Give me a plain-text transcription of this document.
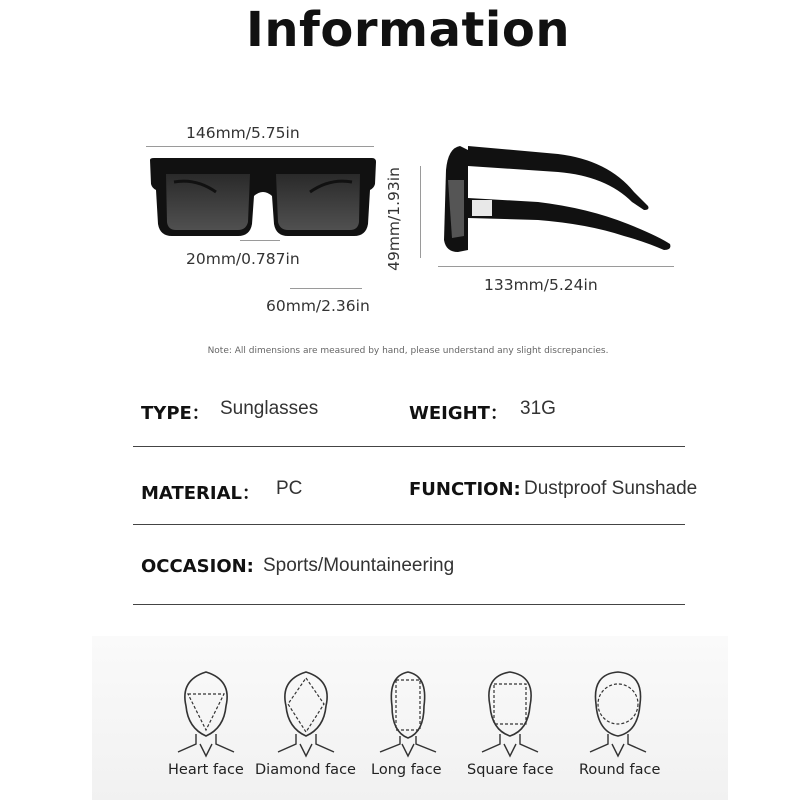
Information
146mm/5.75in
20mm/0.787in
60mm/2.36in
49mm/1.93in
133mm/5.24in
Note: All dimensions are measured by hand, please understand any slight discrepancies.
TYPE： Sunglasses	WEIGHT： 31G
MATERIAL： PC	FUNCTION: Dustproof Sunshade
OCCASION: Sports/Mountaineering
Heart face Diamond face Long face Square face Round face
